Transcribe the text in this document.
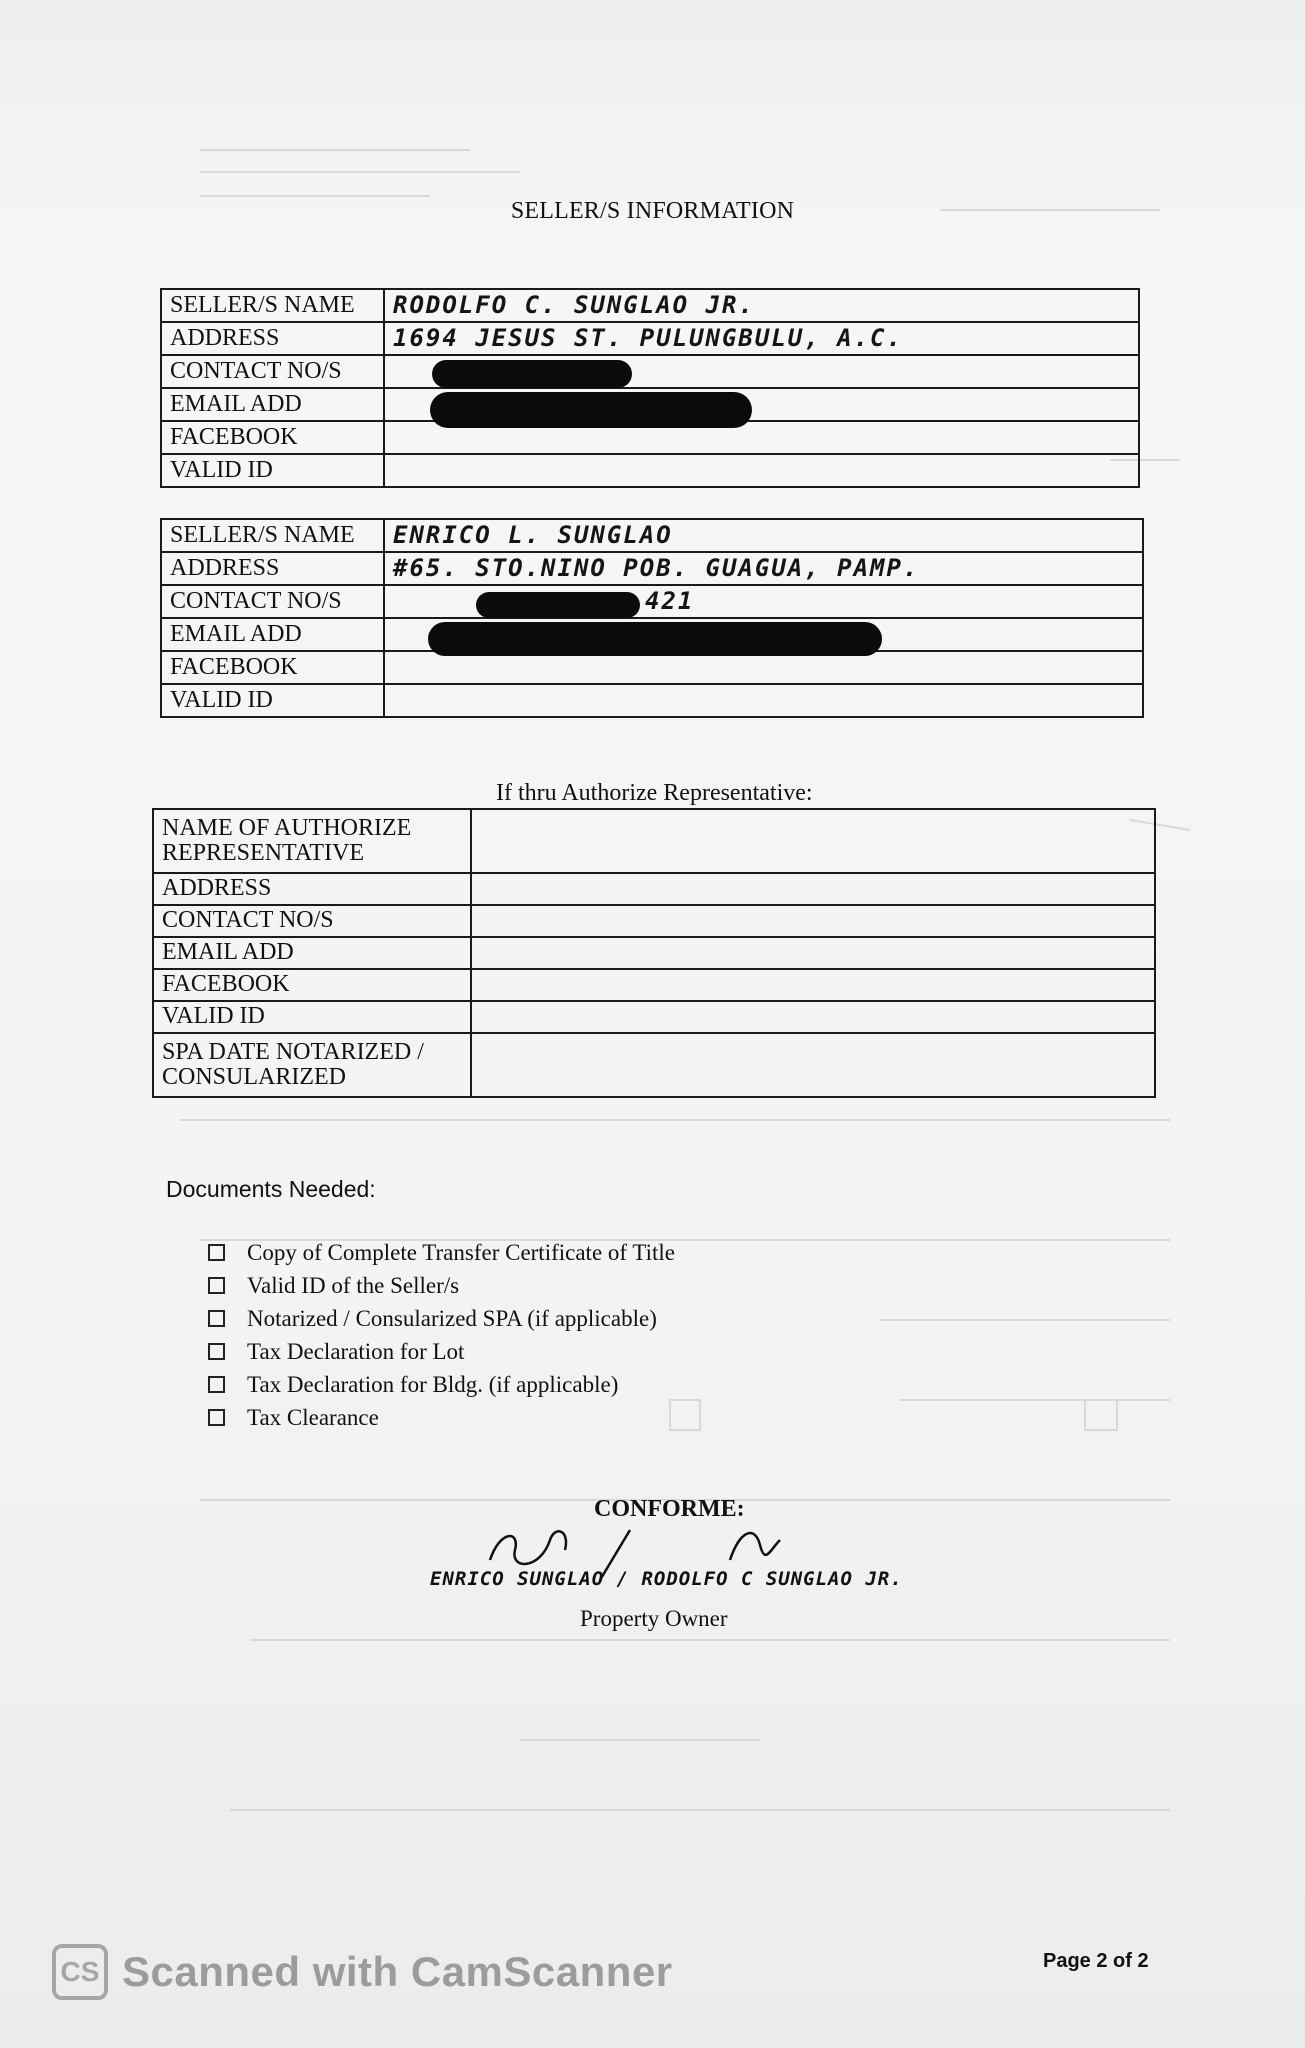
SELLER/S INFORMATION
SELLER/S NAME	RODOLFO C. SUNGLAO JR.
ADDRESS	1694 JESUS ST. PULUNGBULU, A.C.
CONTACT NO/S	
EMAIL ADD	
FACEBOOK	
VALID ID	
SELLER/S NAME	ENRICO L. SUNGLAO
ADDRESS	#65. STO.NINO POB. GUAGUA, PAMP.
CONTACT NO/S	421
EMAIL ADD	
FACEBOOK	
VALID ID	
If thru Authorize Representative:
NAME OF AUTHORIZE REPRESENTATIVE	
ADDRESS	
CONTACT NO/S	
EMAIL ADD	
FACEBOOK	
VALID ID	
SPA DATE NOTARIZED / CONSULARIZED	
Documents Needed:
Copy of Complete Transfer Certificate of Title
Valid ID of the Seller/s
Notarized / Consularized SPA (if applicable)
Tax Declaration for Lot
Tax Declaration for Bldg. (if applicable)
Tax Clearance
CONFORME:
ENRICO SUNGLAO / RODOLFO C SUNGLAO JR.
Property Owner
CS Scanned with CamScanner	Page 2 of 2
